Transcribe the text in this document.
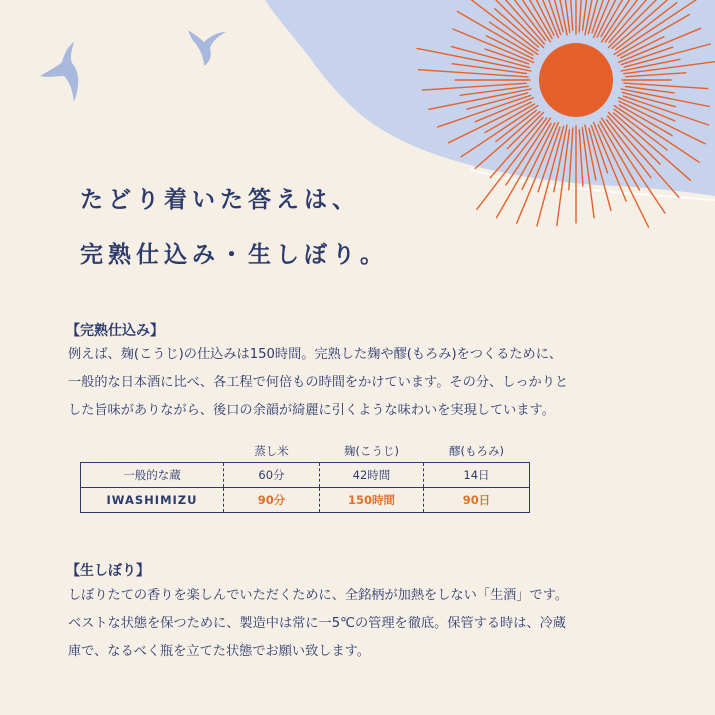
たどり着いた答えは、
完熟仕込み・生しぼり。
【完熟仕込み】

例えば、麹(こうじ)の仕込みは150時間。完熟した麹や醪(もろみ)をつくるために、
一般的な日本酒に比べ、各工程で何倍もの時間をかけています。その分、しっかりと
した旨味がありながら、後口の余韻が綺麗に引くような味わいを実現しています。

	蒸し米	麹(こうじ)	醪(もろみ)
一般的な蔵	60分	42時間	14日
IWASHIMIZU	90分	150時間	90日
【生しぼり】

しぼりたての香りを楽しんでいただくために、全銘柄が加熱をしない「生酒」です。
ベストな状態を保つために、製造中は常に一5℃の管理を徹底。保管する時は、冷蔵
庫で、なるべく瓶を立てた状態でお願い致します。
